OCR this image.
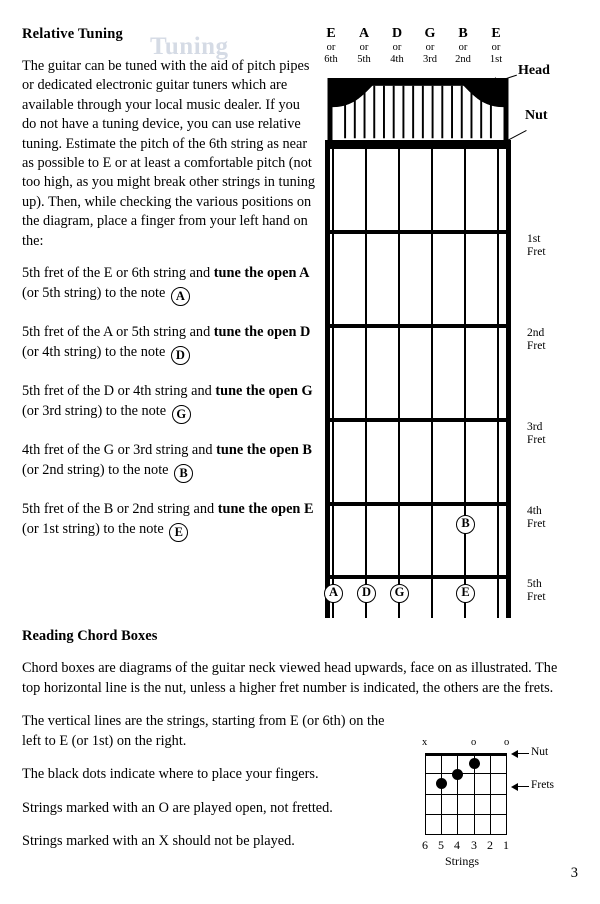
Tuning
Relative Tuning

The guitar can be tuned with the aid of pitch pipes or dedicated electronic guitar tuners which are available through your local music dealer. If you do not have a tuning device, you can use relative tuning. Estimate the pitch of the 6th string as near as possible to E or at least a comfortable pitch (not too high, as you might break other strings in tuning up). Then, while checking the various positions on the diagram, place a finger from your left hand on the:

5th fret of the E or 6th string and tune the open A (or 5th string) to the note A
5th fret of the A or 5th string and tune the open D (or 4th string) to the note D
5th fret of the D or 4th string and tune the open G (or 3rd string) to the note G
4th fret of the G or 3rd string and tune the open B (or 2nd string) to the note B
5th fret of the B or 2nd string and tune the open E (or 1st string) to the note E
E
or
6th
A
or
5th
D
or
4th
G
or
3rd
B
or
2nd
E
or
1st
B
A	D	G	E
1st
Fret
2nd
Fret
3rd
Fret
4th
Fret
5th
Fret
Head
Nut
Reading Chord Boxes

Chord boxes are diagrams of the guitar neck viewed head upwards, face on as illustrated. The top horizontal line is the nut, unless a higher fret number is indicated, the others are the frets.

The vertical lines are the strings, starting from E (or 6th) on the left to E (or 1st) on the right.

The black dots indicate where to place your fingers.

Strings marked with an O are played open, not fretted.

Strings marked with an X should not be played.

x	o	o
6 5 4 3 2 1
Strings
Nut
Frets
3
